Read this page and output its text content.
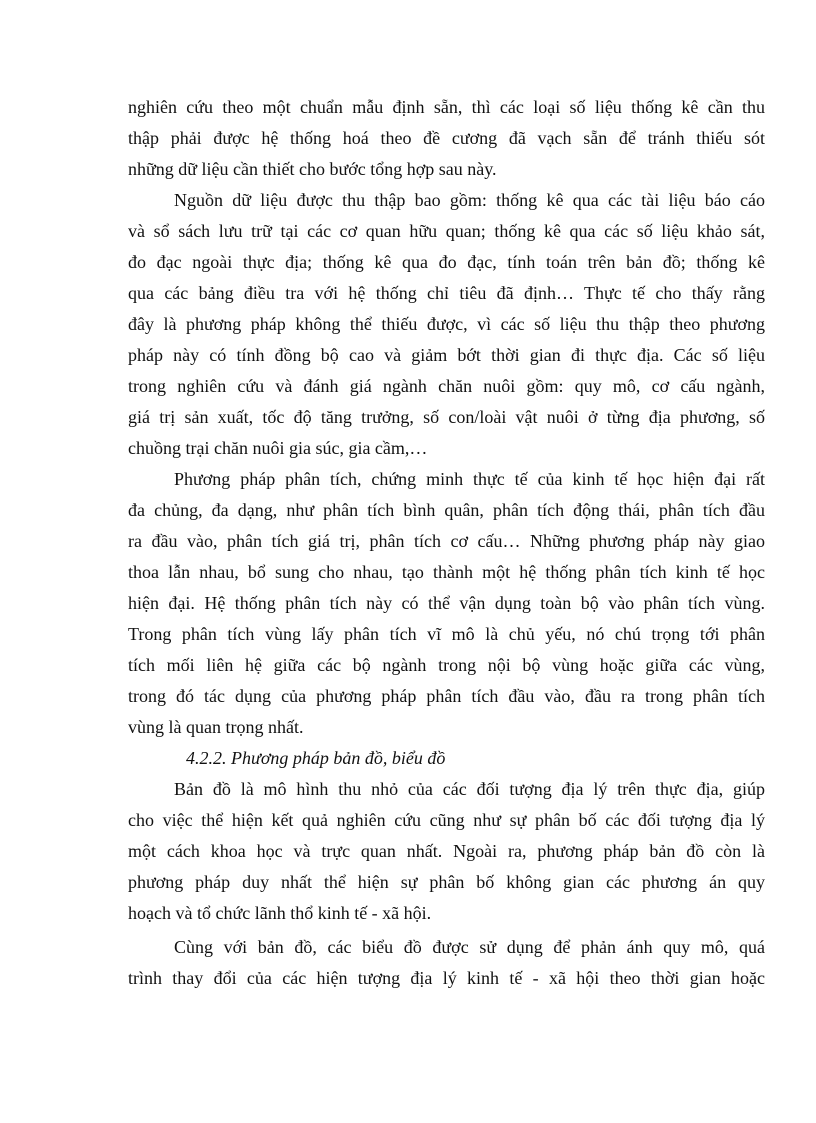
nghiên cứu theo một chuẩn mẫu định sẵn, thì các loại số liệu thống kê cần thu
thập phải được hệ thống hoá theo đề cương đã vạch sẵn để tránh thiếu sót
những dữ liệu cần thiết cho bước tổng hợp sau này.
Nguồn dữ liệu được thu thập bao gồm: thống kê qua các tài liệu báo cáo
và sổ sách lưu trữ tại các cơ quan hữu quan; thống kê qua các số liệu khảo sát,
đo đạc ngoài thực địa; thống kê qua đo đạc, tính toán trên bản đồ; thống kê
qua các bảng điều tra với hệ thống chỉ tiêu đã định… Thực tế cho thấy rằng
đây là phương pháp không thể thiếu được, vì các số liệu thu thập theo phương
pháp này có tính đồng bộ cao và giảm bớt thời gian đi thực địa. Các số liệu
trong nghiên cứu và đánh giá ngành chăn nuôi gồm: quy mô, cơ cấu ngành,
giá trị sản xuất, tốc độ tăng trưởng, số con/loài vật nuôi ở từng địa phương, số
chuồng trại chăn nuôi gia súc, gia cầm,…
Phương pháp phân tích, chứng minh thực tế của kinh tế học hiện đại rất
đa chủng, đa dạng, như phân tích bình quân, phân tích động thái, phân tích đầu
ra đầu vào, phân tích giá trị, phân tích cơ cấu… Những phương pháp này giao
thoa lẫn nhau, bổ sung cho nhau, tạo thành một hệ thống phân tích kinh tế học
hiện đại. Hệ thống phân tích này có thể vận dụng toàn bộ vào phân tích vùng.
Trong phân tích vùng lấy phân tích vĩ mô là chủ yếu, nó chú trọng tới phân
tích mối liên hệ giữa các bộ ngành trong nội bộ vùng hoặc giữa các vùng,
trong đó tác dụng của phương pháp phân tích đầu vào, đầu ra trong phân tích
vùng là quan trọng nhất.
4.2.2. Phương pháp bản đồ, biểu đồ
Bản đồ là mô hình thu nhỏ của các đối tượng địa lý trên thực địa, giúp
cho việc thể hiện kết quả nghiên cứu cũng như sự phân bố các đối tượng địa lý
một cách khoa học và trực quan nhất. Ngoài ra, phương pháp bản đồ còn là
phương pháp duy nhất thể hiện sự phân bố không gian các phương án quy
hoạch và tổ chức lãnh thổ kinh tế - xã hội.
Cùng với bản đồ, các biểu đồ được sử dụng để phản ánh quy mô, quá
trình thay đổi của các hiện tượng địa lý kinh tế - xã hội theo thời gian hoặc
